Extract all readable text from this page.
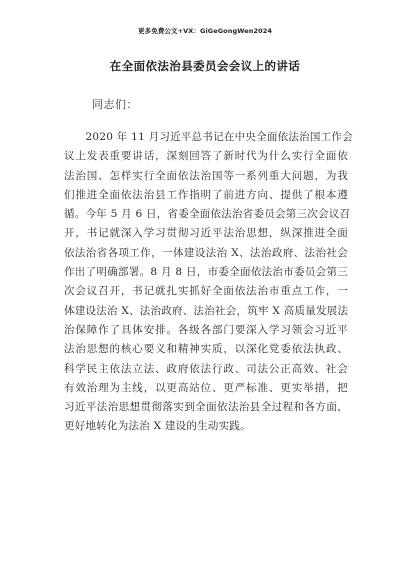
更多免费公文+VX：GiGeGongWen2024
在全面依法治县委员会会议上的讲话
同志们：
　　2020 年 11 月习近平总书记在中央全面依法治国工作会
议上发表重要讲话，深刻回答了新时代为什么实行全面依
法治国、怎样实行全面依法治国等一系列重大问题，为我
们推进全面依法治县工作指明了前进方向、提供了根本遵
循。今年 5 月 6 日，省委全面依法治省委员会第三次会议召
开，书记就深入学习贯彻习近平法治思想，纵深推进全面
依法治省各项工作，一体建设法治 X、法治政府、法治社会
作出了明确部署。8 月 8 日，市委全面依法治市委员会第三
次会议召开，书记就扎实抓好全面依法治市重点工作，一
体建设法治 X、法治政府、法治社会，筑牢 X 高质量发展法
治保障作了具体安排。各级各部门要深入学习领会习近平
法治思想的核心要义和精神实质，以深化党委依法执政、
科学民主依法立法、政府依法行政、司法公正高效、社会
有效治理为主线，以更高站位、更严标准、更实举措，把
习近平法治思想贯彻落实到全面依法治县全过程和各方面，
更好地转化为法治 X 建设的生动实践。
